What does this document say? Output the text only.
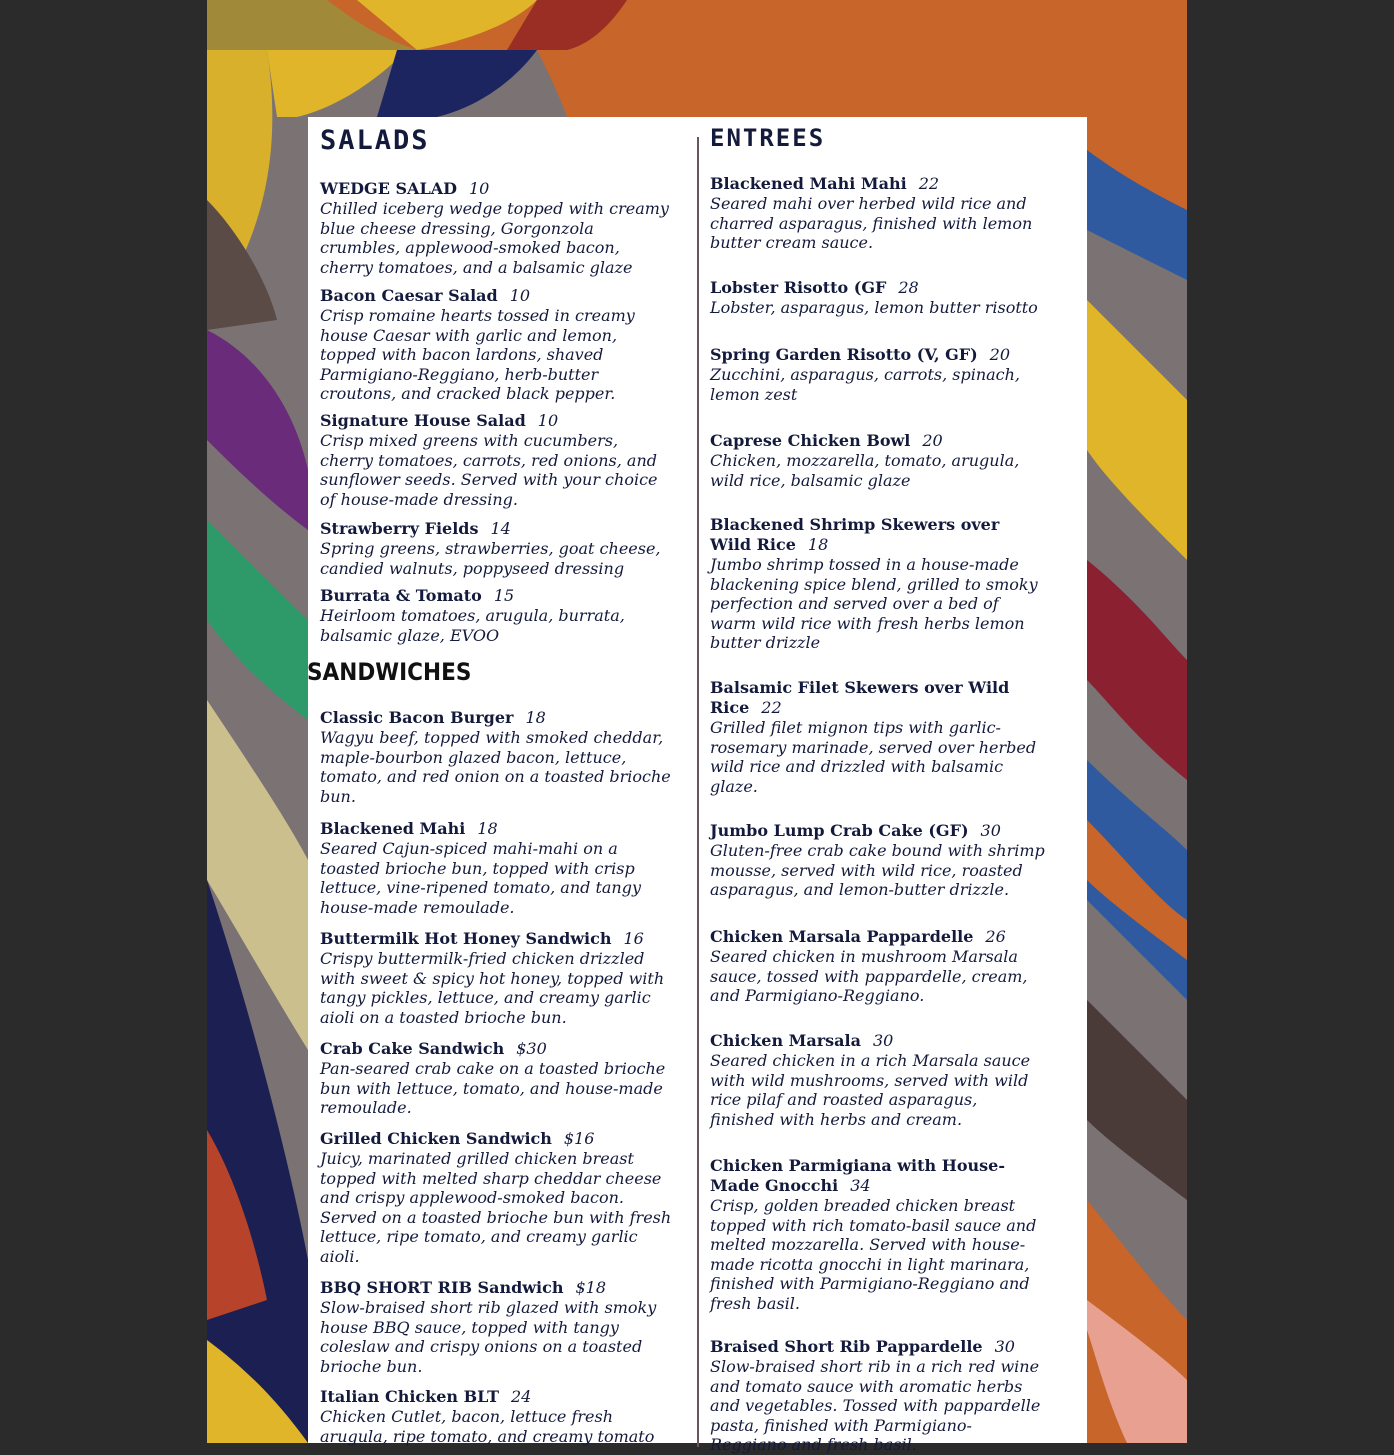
SALADS
WEDGE SALAD 10

Chilled iceberg wedge topped with creamy blue cheese dressing, Gorgonzola crumbles, applewood-smoked bacon, cherry tomatoes, and a balsamic glaze

Bacon Caesar Salad 10

Crisp romaine hearts tossed in creamy house Caesar with garlic and lemon, topped with bacon lardons, shaved Parmigiano-Reggiano, herb-butter croutons, and cracked black pepper.

Signature House Salad 10

Crisp mixed greens with cucumbers, cherry tomatoes, carrots, red onions, and sunflower seeds. Served with your choice of house-made dressing.

Strawberry Fields 14

Spring greens, strawberries, goat cheese, candied walnuts, poppyseed dressing

Burrata & Tomato 15

Heirloom tomatoes, arugula, burrata, balsamic glaze, EVOO

SANDWICHES
Classic Bacon Burger 18

Wagyu beef, topped with smoked cheddar, maple-bourbon glazed bacon, lettuce, tomato, and red onion on a toasted brioche bun.

Blackened Mahi 18

Seared Cajun-spiced mahi-mahi on a toasted brioche bun, topped with crisp lettuce, vine-ripened tomato, and tangy house-made remoulade.

Buttermilk Hot Honey Sandwich 16

Crispy buttermilk-fried chicken drizzled with sweet & spicy hot honey, topped with tangy pickles, lettuce, and creamy garlic aioli on a toasted brioche bun.

Crab Cake Sandwich $30

Pan-seared crab cake on a toasted brioche bun with lettuce, tomato, and house-made remoulade.

Grilled Chicken Sandwich $16

Juicy, marinated grilled chicken breast topped with melted sharp cheddar cheese and crispy applewood-smoked bacon. Served on a toasted brioche bun with fresh lettuce, ripe tomato, and creamy garlic aioli.

BBQ SHORT RIB Sandwich $18

Slow-braised short rib glazed with smoky house BBQ sauce, topped with tangy coleslaw and crispy onions on a toasted brioche bun.

Italian Chicken BLT 24

Chicken Cutlet, bacon, lettuce fresh arugula, ripe tomato, and creamy tomato

ENTREES
Blackened Mahi Mahi 22

Seared mahi over herbed wild rice and charred asparagus, finished with lemon butter cream sauce.

Lobster Risotto (GF 28

Lobster, asparagus, lemon butter risotto

Spring Garden Risotto (V, GF) 20

Zucchini, asparagus, carrots, spinach, lemon zest

Caprese Chicken Bowl 20

Chicken, mozzarella, tomato, arugula, wild rice, balsamic glaze

Blackened Shrimp Skewers over Wild Rice 18

Jumbo shrimp tossed in a house-made blackening spice blend, grilled to smoky perfection and served over a bed of warm wild rice with fresh herbs lemon butter drizzle

Balsamic Filet Skewers over Wild Rice 22

Grilled filet mignon tips with garlic-rosemary marinade, served over herbed wild rice and drizzled with balsamic glaze.

Jumbo Lump Crab Cake (GF) 30

Gluten-free crab cake bound with shrimp mousse, served with wild rice, roasted asparagus, and lemon-butter drizzle.

Chicken Marsala Pappardelle 26

Seared chicken in mushroom Marsala sauce, tossed with pappardelle, cream, and Parmigiano-Reggiano.

Chicken Marsala 30

Seared chicken in a rich Marsala sauce with wild mushrooms, served with wild rice pilaf and roasted asparagus, finished with herbs and cream.

Chicken Parmigiana with House-Made Gnocchi 34

Crisp, golden breaded chicken breast topped with rich tomato-basil sauce and melted mozzarella. Served with house-made ricotta gnocchi in light marinara, finished with Parmigiano-Reggiano and fresh basil.

Braised Short Rib Pappardelle 30

Slow-braised short rib in a rich red wine and tomato sauce with aromatic herbs and vegetables. Tossed with pappardelle pasta, finished with Parmigiano-Reggiano and fresh basil.
